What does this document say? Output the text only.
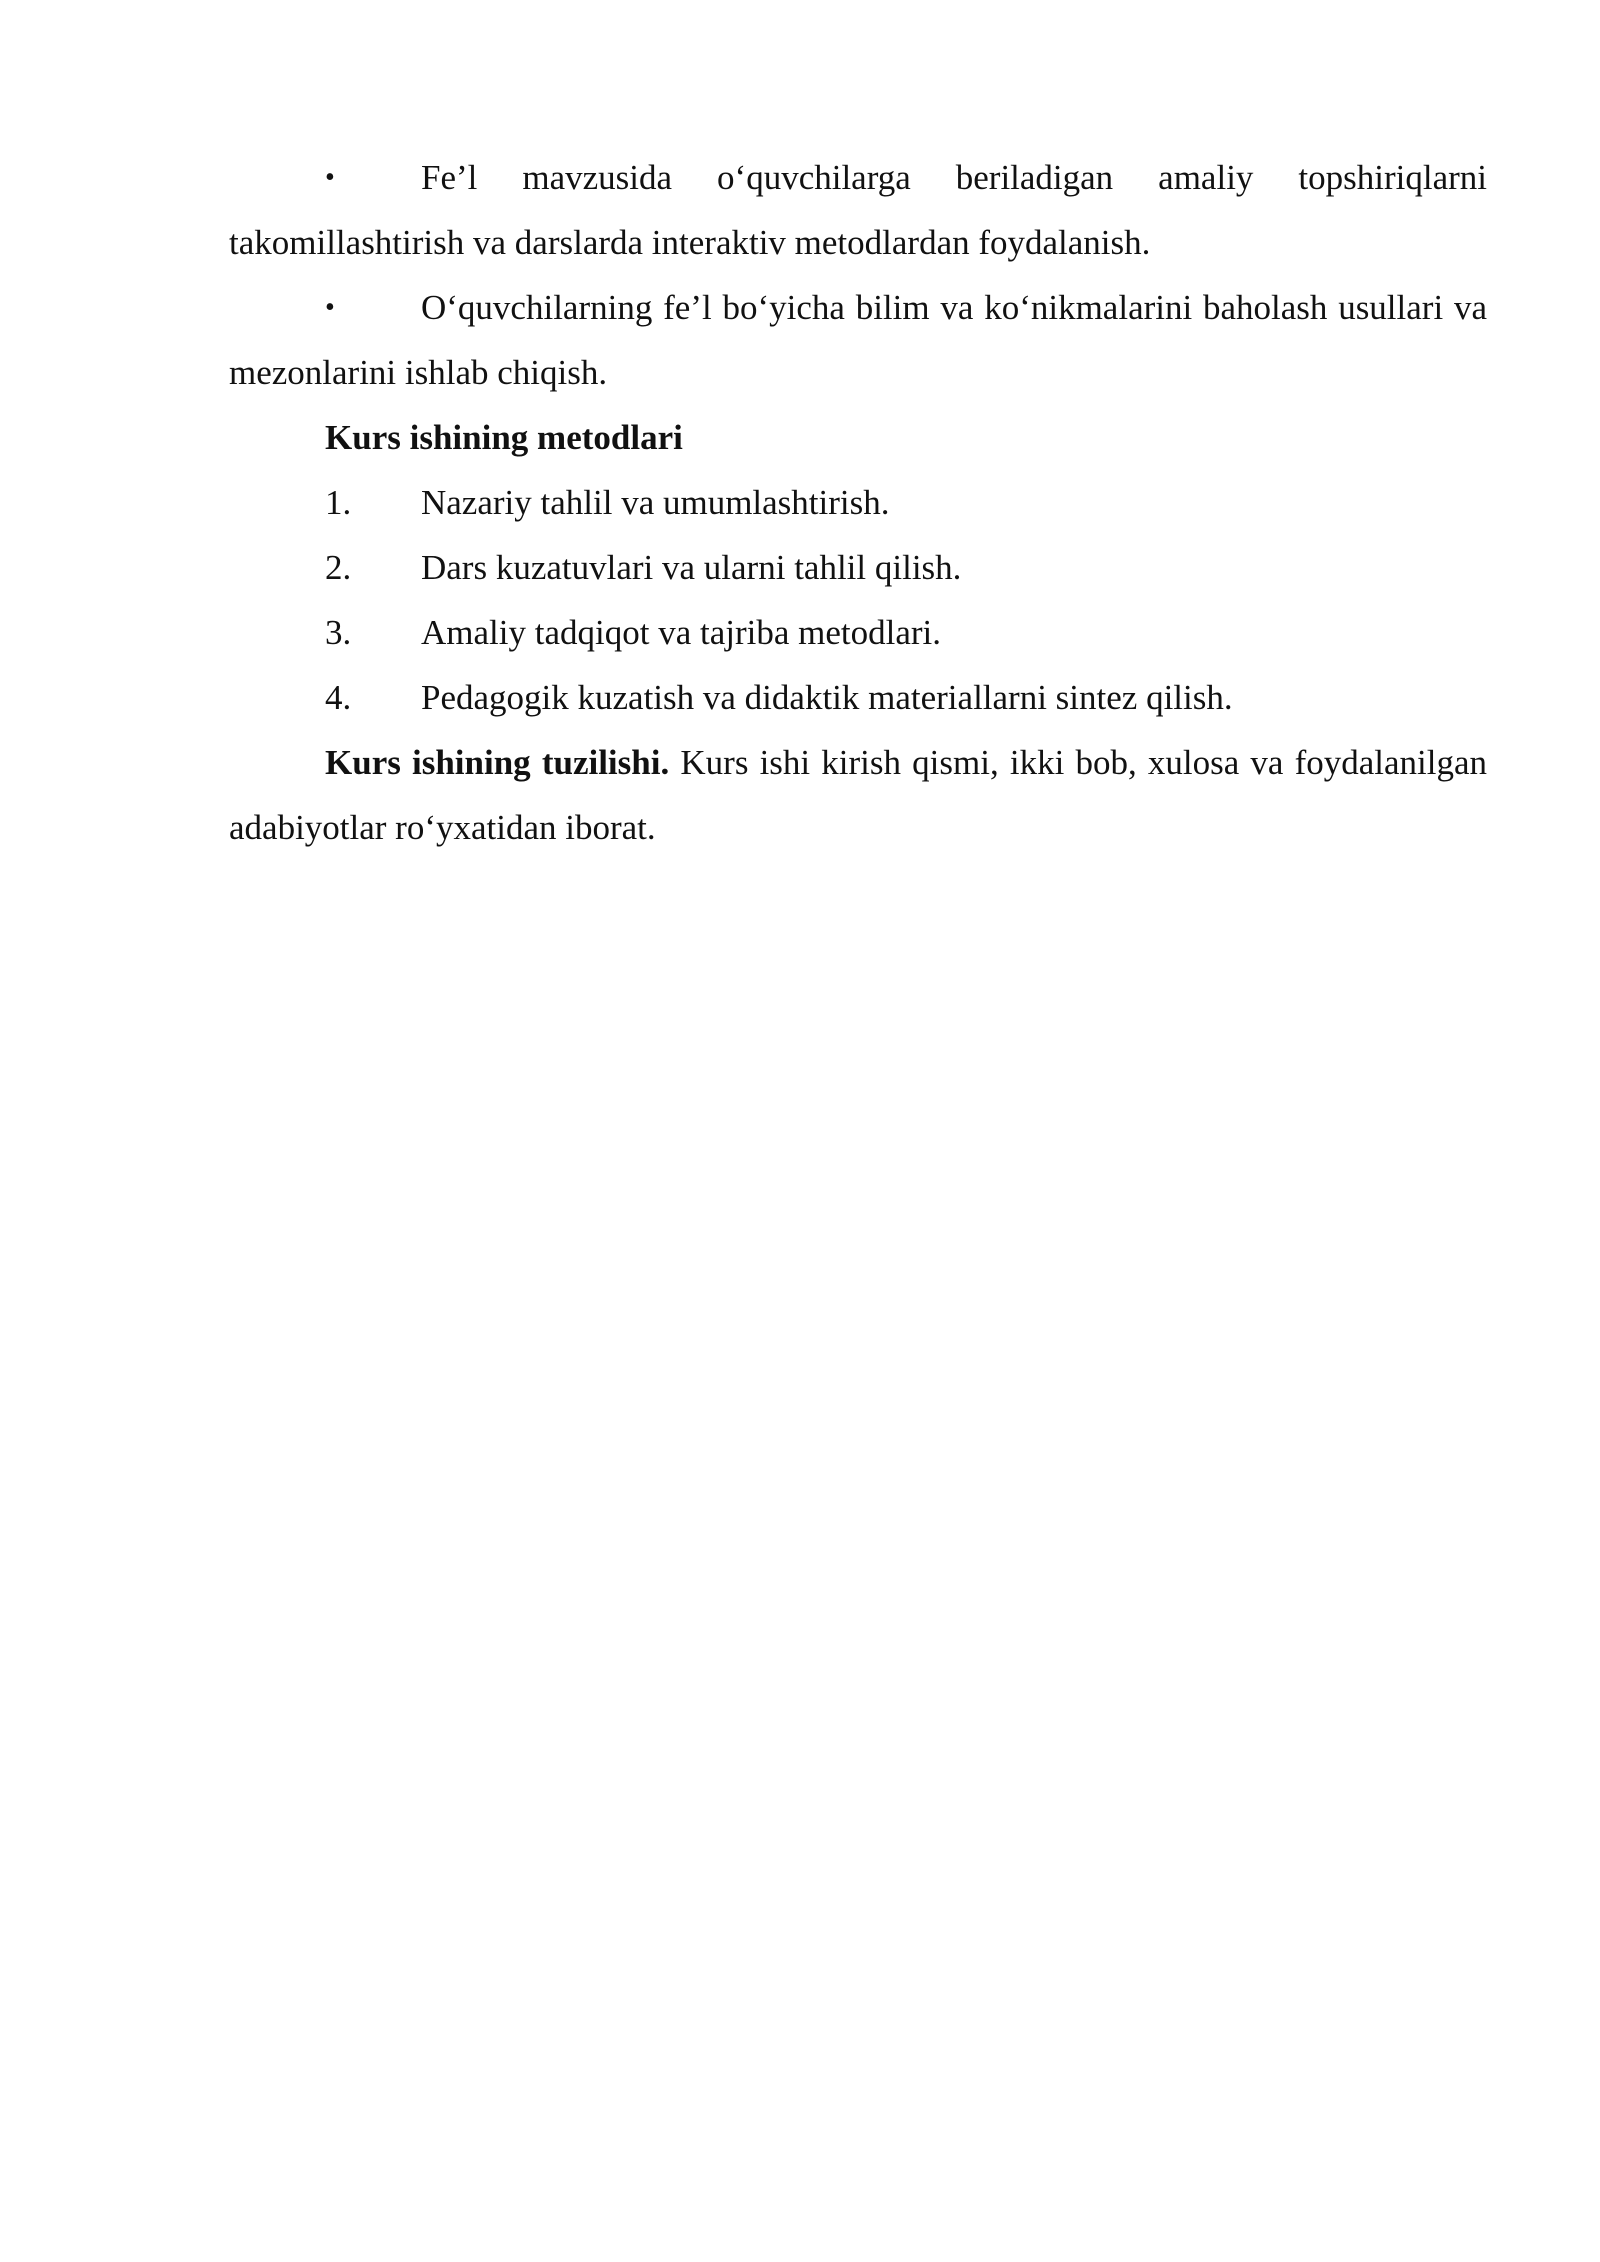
• Fe’l mavzusida o‘quvchilarga beriladigan amaliy topshiriqlarni takomillashtirish va darslarda interaktiv metodlardan foydalanish.

• O‘quvchilarning fe’l bo‘yicha bilim va ko‘nikmalarini baholash usullari va mezonlarini ishlab chiqish.

Kurs ishining metodlari

1. Nazariy tahlil va umumlashtirish.

2. Dars kuzatuvlari va ularni tahlil qilish.

3. Amaliy tadqiqot va tajriba metodlari.

4. Pedagogik kuzatish va didaktik materiallarni sintez qilish.

Kurs ishining tuzilishi. Kurs ishi kirish qismi, ikki bob, xulosa va foydalanilgan adabiyotlar ro‘yxatidan iborat.
